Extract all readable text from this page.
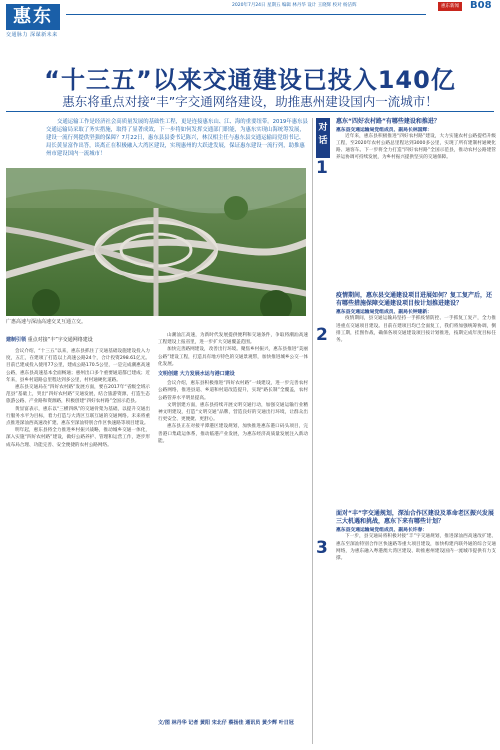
惠东
交通脉力 深谋新未来
2020年7月24日 星期五 编辑 林丹华 设计 王晓辉 校对 杨洁辉	惠东新闻	B08
“十三五”以来交通建设已投入140亿
惠东将重点对接“丰”字交通网络建设，助推惠州建设国内一流城市！
交通运输工作是经济社会高质量发展的基础性工程，更是连接惠东山、江、海的重要纽带。2019年惠东县交通运输局采取了务实措施，取得了显著成效，下一步将如何发挥交通部门职能，为惠东实现山海统筹发展，建设一流行列提供坚强的保障？7月22日，惠东县县委书记陈兴，林汉相主任与惠东县交通运输局党组书记、局长黄显富作出答，谈离正在积极融入大湾区建设，实现惠州的大跃进发展，保证惠东建设一流行列，助推惠州市建设国内一流城市！
广惠高速与深汕高速交叉互通立交。
建制引领 重点对接“丰”字交通网络建设

会议介绍，“十三五”以来，惠东县抓住了交通基础设施建设投入力度，五汇，在建项了打造以上高速公路24个，合计投资298.61亿元。目前已建成投入使用77公里，建成公路170.5公里，一是完成潮惠高速公路，惠东县高速基本全面畅通；惠州出口多个重要通道都已建成；近年来，县乡村道路总里程达到多公里，村村通硬化道路。

惠东县交通局在“四好农村路”发展方面，要在2017年“省级全域示范县”基础上，突出“四好农村路”交通发展，结合旅游资源，打造生态旅游公路、产业路和资源路，积极创建“四好农村路”全国示范县。

黄显富表示，惠东以“三横四纵”的交通骨架为基础，以提升交通出行服务水平为目标，着力打造与大湾区互联互通的交通网络。未来将重点推进深汕西高速改扩建、惠东至深汕特别合作区快速路等项目建设。

明年起，惠东县将全力推进乡村振兴战略，推动城乡交通一体化，深入实施“四好农村路”建设，做好公路养护、管理和运营工作，逐步形成布局合理、功能完善、安全便捷的农村公路网络。

山潮汕江高速，为新时代发展提供便利和交通条件，争取将潮汕高速工程建设上报省里，进一步扩大交通覆盖范围。

加快完善路网建设，改善出行环境。聚焦乡村振兴，惠东县推进“美丽公路”建设工程，打造具有地方特色的交通景观带，加快推进城乡公交一体化发展。

文明创建 大力发展水运与港口建设

会议介绍，惠东县积极推进“四好农村路”一线建设，进一步完善农村公路网络，推进县道、乡道和村道改造提升，实现“路长制”全覆盖，农村公路管养水平明显提高。

文明创建方面，惠东县持续开展文明交通行动，加强交通运输行业精神文明建设，打造“文明交通”品牌，营造良好的交通出行环境，让群众出行更安全、更便捷、更舒心。

惠东县正在对接平潭港区建设规划，加快推进惠东港口码头项目，完善港口集疏运体系，推动临港产业发展，为惠东经济高质量发展注入新动能。

文/图 林丹华 记者 黄阳 宋北仔 蔡扬佳 通讯员 黄少辉 叶日冠
对话
1
惠东“四好农村路”有哪些建设和推进？
惠东县交通运输局党组成员、副局长林国辉：
近年来，惠东县积极推进“四好农村路”建设，大力实施农村公路提档升级工程，至2020年农村公路总里程达到3000多公里，实现了所有建制村通硬化路、通客车。下一步将全力打造“四好农村路”全国示范县，推动农村公路建管养运协调可持续发展，为乡村振兴提供坚实的交通保障。
2
疫情期间，惠东县交通建设项目进展如何？复工复产后，还有哪些措施保障交通建设项目按计划推进建设？
惠东县交通运输局党组成员、副局长钟建新：
疫情期间，县交通运输局坚持一手抓疫情防控、一手抓复工复产，全力推进重点交通项目建设。目前在建项目均已全面复工，我们将加强统筹协调，倒排工期，挂图作战，确保各项交通建设项目按计划推进，按期完成年度目标任务。
3
面对“丰”字交通规划，深汕合作区建设及革命老区振兴发展三大机遇和挑战，惠东下来有哪些计划？
惠东县交通运输局党组成员、副局长许春：
下一步，县交通局将积极对接“丰”字交通规划，推进深汕西高速改扩建、惠东至深汕特别合作区快速路等重大项目建设，加快构建内联外通的综合交通网络，为惠东融入粤港澳大湾区建设、助推惠州建设国内一流城市提供有力支撑。
